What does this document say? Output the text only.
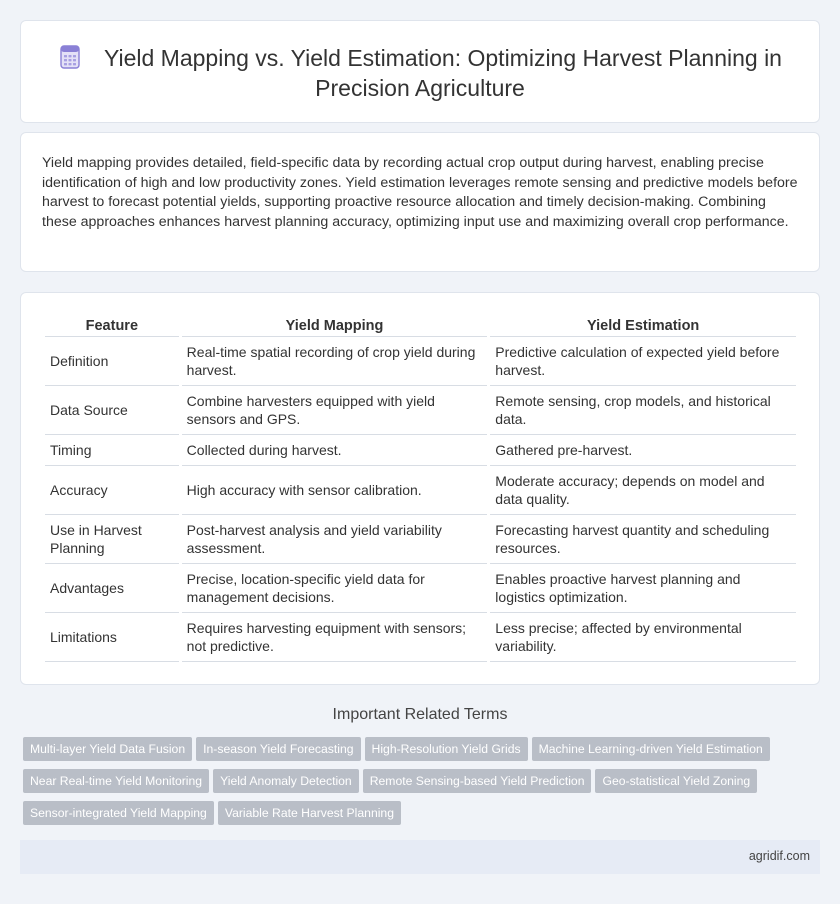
Yield Mapping vs. Yield Estimation: Optimizing Harvest Planning in Precision Agriculture

Yield mapping provides detailed, field-specific data by recording actual crop output during harvest, enabling precise identification of high and low productivity zones. Yield estimation leverages remote sensing and predictive models before harvest to forecast potential yields, supporting proactive resource allocation and timely decision-making. Combining these approaches enhances harvest planning accuracy, optimizing input use and maximizing overall crop performance.

Feature	Yield Mapping	Yield Estimation
Definition	Real-time spatial recording of crop yield during harvest.	Predictive calculation of expected yield before harvest.
Data Source	Combine harvesters equipped with yield sensors and GPS.	Remote sensing, crop models, and historical data.
Timing	Collected during harvest.	Gathered pre-harvest.
Accuracy	High accuracy with sensor calibration.	Moderate accuracy; depends on model and data quality.
Use in Harvest Planning	Post-harvest analysis and yield variability assessment.	Forecasting harvest quantity and scheduling resources.
Advantages	Precise, location-specific yield data for management decisions.	Enables proactive harvest planning and logistics optimization.
Limitations	Requires harvesting equipment with sensors; not predictive.	Less precise; affected by environmental variability.
Important Related Terms
Multi-layer Yield Data Fusion In-season Yield Forecasting High-Resolution Yield Grids Machine Learning-driven Yield Estimation
Near Real-time Yield Monitoring Yield Anomaly Detection Remote Sensing-based Yield Prediction Geo-statistical Yield Zoning
Sensor-integrated Yield Mapping Variable Rate Harvest Planning
agridif.com
